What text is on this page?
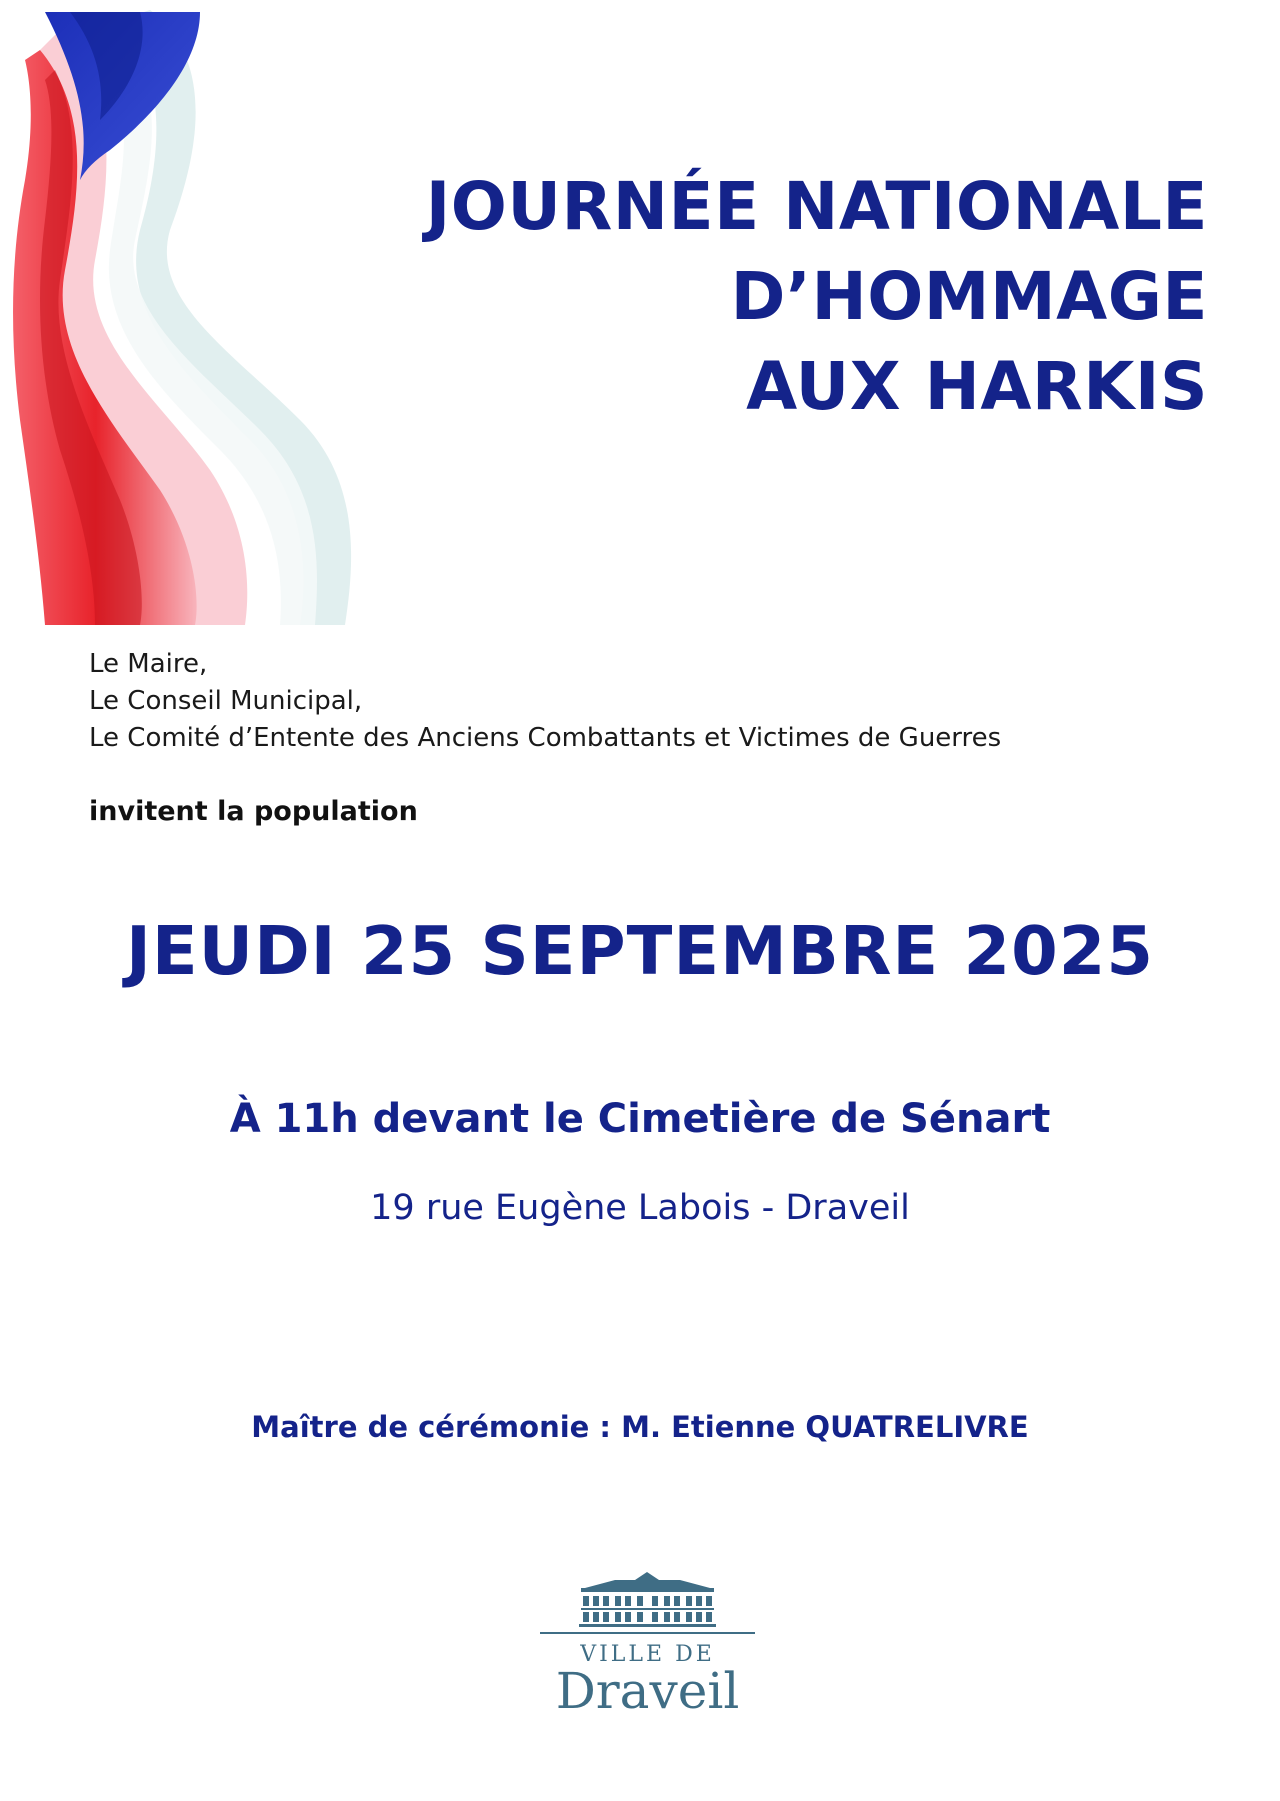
JOURNÉE NATIONALE
D’HOMMAGE
AUX HARKIS
Le Maire,
Le Conseil Municipal,
Le Comité d’Entente des Anciens Combattants et Victimes de Guerres
invitent la population
JEUDI 25 SEPTEMBRE 2025
À 11h devant le Cimetière de Sénart
19 rue Eugène Labois - Draveil
Maître de cérémonie : M. Etienne QUATRELIVRE
VILLE DE
Draveil
